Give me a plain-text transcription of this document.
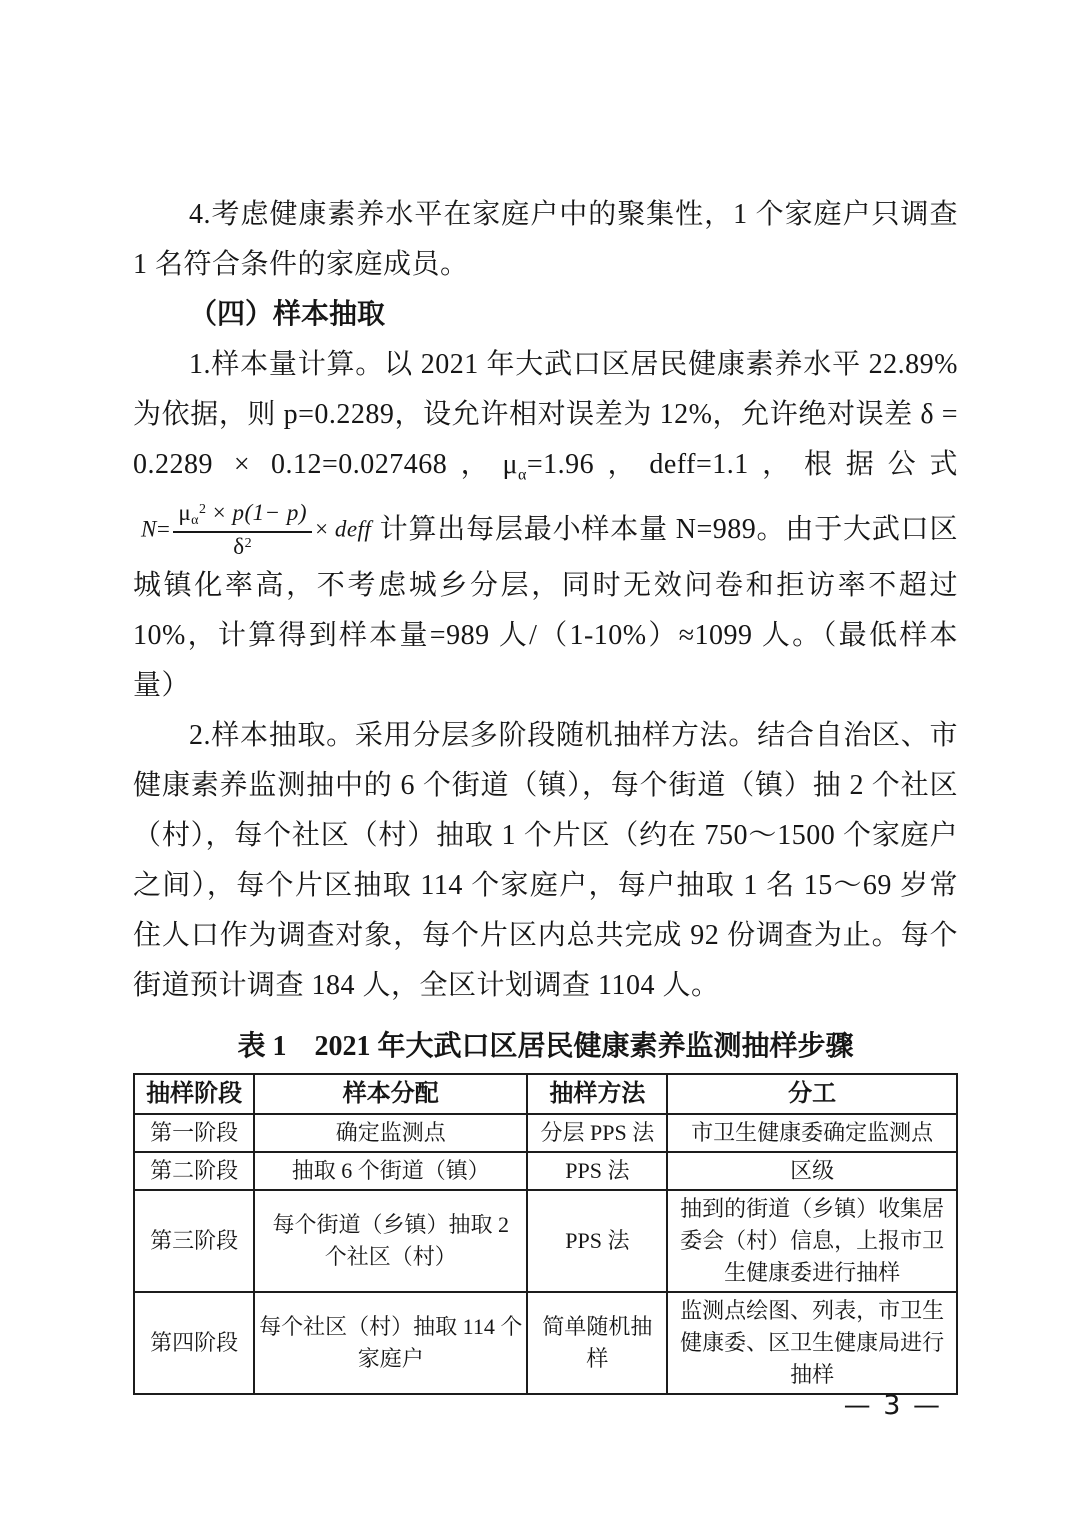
4.考虑健康素养水平在家庭户中的聚集性，1 个家庭户只调查 1 名符合条件的家庭成员。

（四）样本抽取

1.样本量计算。以 2021 年大武口区居民健康素养水平 22.89%为依据，则 p=0.2289，设允许相对误差为 12%，允许绝对误差 δ = 0.2289 × 0.12=0.027468，$\mu_\alpha=1.96$，deff=1.1，根据公式$N= \frac{\mu_\alpha^2 \times p(1- p)}{\delta^2}$ × deff 计算出每层最小样本量 N=989。由于大武口区城镇化率高，不考虑城乡分层，同时无效问卷和拒访率不超过 10%，计算得到样本量=989 人/（1-10%）≈1099 人。（最低样本量）

2.样本抽取。采用分层多阶段随机抽样方法。结合自治区、市健康素养监测抽中的 6 个街道（镇），每个街道（镇）抽 2 个社区（村），每个社区（村）抽取 1 个片区（约在 750～1500 个家庭户之间），每个片区抽取 114 个家庭户，每户抽取 1 名 15～69 岁常住人口作为调查对象，每个片区内总共完成 92 份调查为止。每个街道预计调查 184 人，全区计划调查 1104 人。

表 1　2021 年大武口区居民健康素养监测抽样步骤
抽样阶段	样本分配	抽样方法	分工
第一阶段	确定监测点	分层 PPS 法	市卫生健康委确定监测点
第二阶段	抽取 6 个街道（镇）	PPS 法	区级
第三阶段	每个街道（乡镇）抽取 2 个社区（村）	PPS 法	抽到的街道（乡镇）收集居委会（村）信息，上报市卫生健康委进行抽样
第四阶段	每个社区（村）抽取 114 个家庭户	简单随机抽样	监测点绘图、列表，市卫生健康委、区卫生健康局进行抽样
— 3 —
